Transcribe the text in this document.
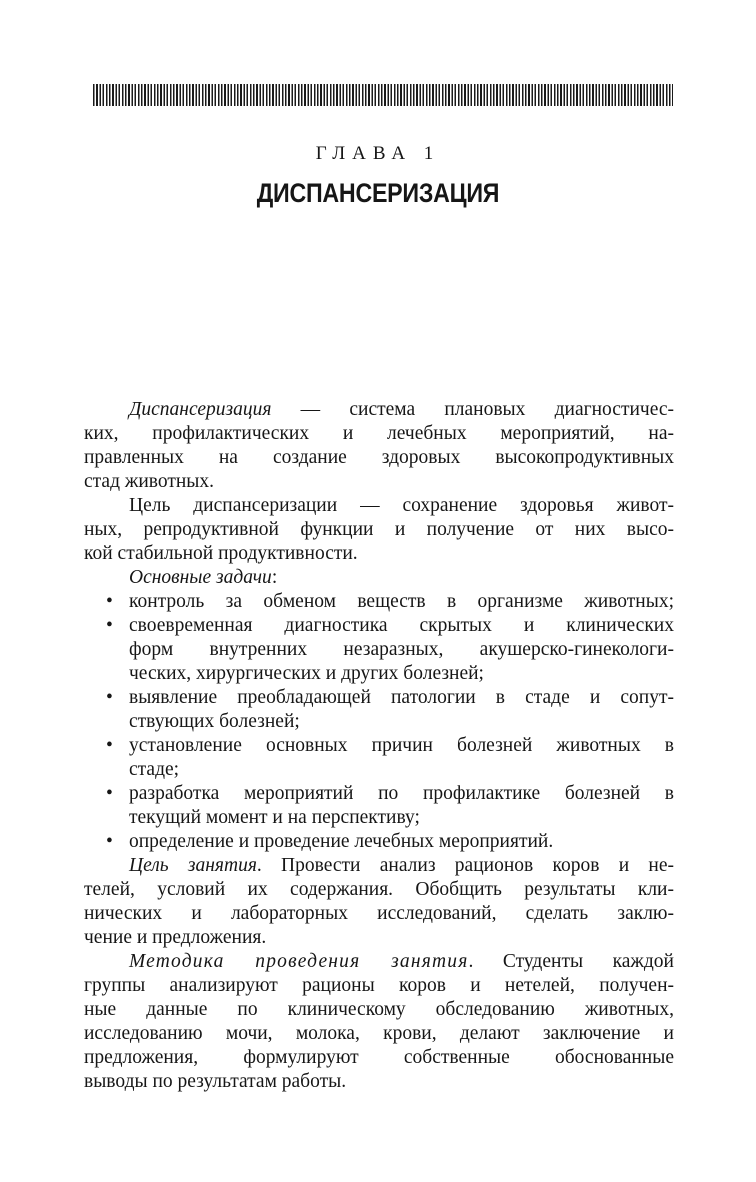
ГЛАВА 1
ДИСПАНСЕРИЗАЦИЯ
Диспансеризация — система плановых диагностичес-
ких, профилактических и лечебных мероприятий, на-
правленных на создание здоровых высокопродуктивных
стад животных.
Цель диспансеризации — сохранение здоровья живот-
ных, репродуктивной функции и получение от них высо-
кой стабильной продуктивности.
Основные задачи:
• контроль за обменом веществ в организме животных;
• своевременная диагностика скрытых и клинических
форм внутренних незаразных, акушерско-гинекологи-
ческих, хирургических и других болезней;
• выявление преобладающей патологии в стаде и сопут-
ствующих болезней;
• установление основных причин болезней животных в
стаде;
• разработка мероприятий по профилактике болезней в
текущий момент и на перспективу;
• определение и проведение лечебных мероприятий.
Цель занятия. Провести анализ рационов коров и не-
телей, условий их содержания. Обобщить результаты кли-
нических и лабораторных исследований, сделать заклю-
чение и предложения.
Методика проведения занятия. Студенты каждой
группы анализируют рационы коров и нетелей, получен-
ные данные по клиническому обследованию животных,
исследованию мочи, молока, крови, делают заключение и
предложения, формулируют собственные обоснованные
выводы по результатам работы.
